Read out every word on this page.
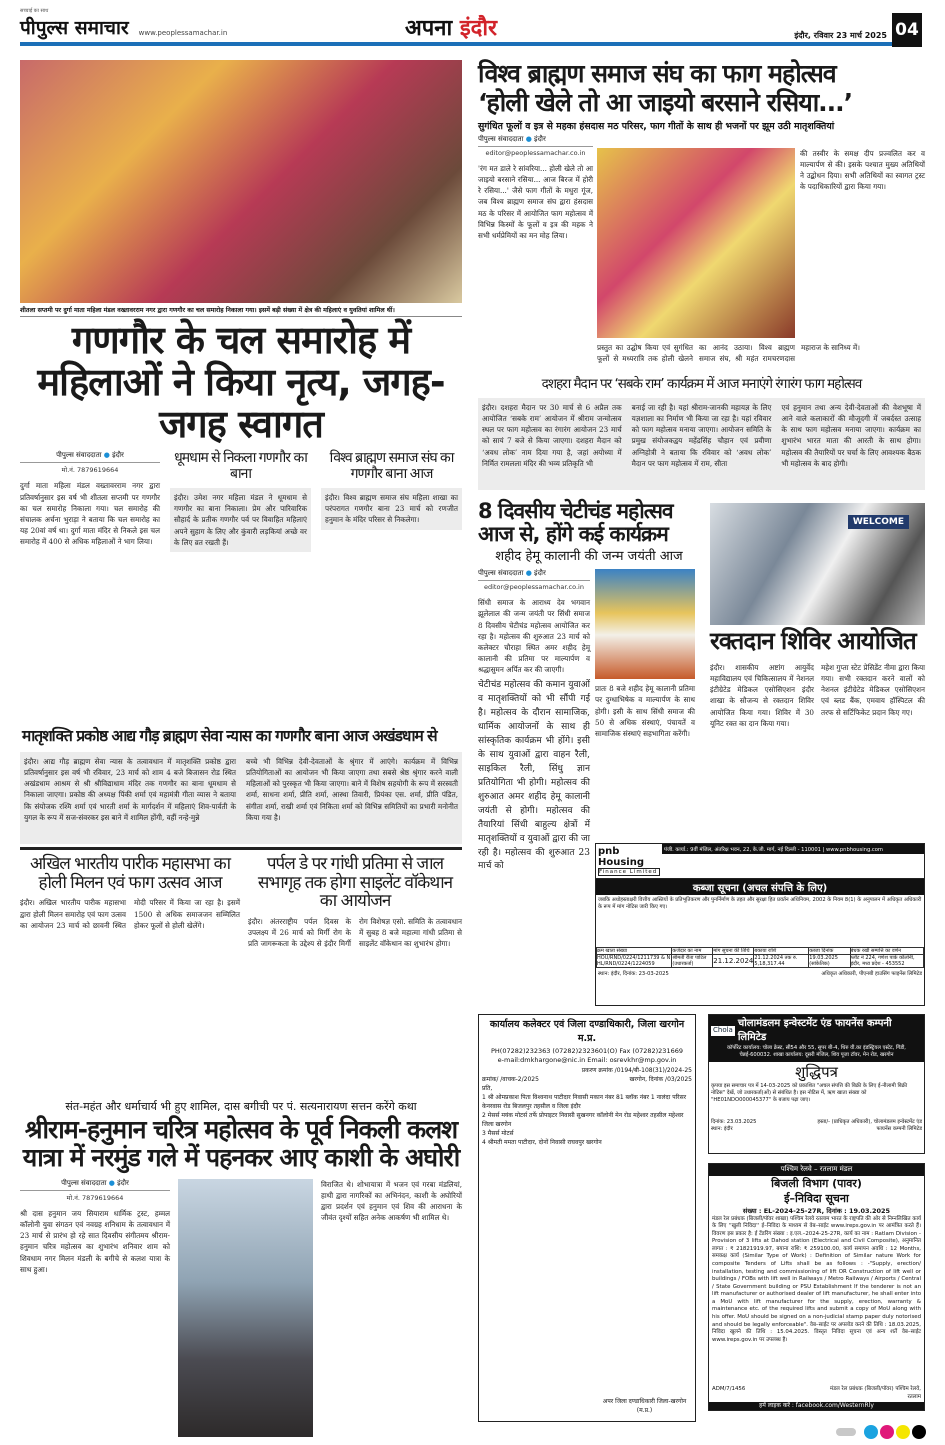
सच्चाई का साथ
पीपुल्स समाचार www.peoplessamachar.in	अपना इंदौर	इंदौर, रविवार 23 मार्च 2025 04
शीतला सप्तमी पर दुर्गा माता महिला मंडल वख्तावरराम नगर द्वारा गणगौर का चल समारोह निकाला गया। इसमें बड़ी संख्या में क्षेत्र की महिलाएं व युवतियां शामिल थीं।
गणगौर के चल समारोह में महिलाओं ने किया नृत्य, जगह-जगह स्वागत
पीपुल्स संवाददाता ● इंदौर
मो.नं. 7879619664
दुर्गा माता महिला मंडल वख्तावरराम नगर द्वारा प्रतिवर्षानुसार इस वर्ष भी शीतला सप्तमी पर गणगौर का चल समारोह निकाला गया। चल समारोह की संचालक अर्चना भुराड़ा ने बताया कि चल समारोह का यह 20वां वर्ष था। दुर्गा माता मंदिर से निकले इस चल समारोह में 400 से अधिक महिलाओं ने भाग लिया।
धूमधाम से निकला गणगौर का बाना
इंदौर। उमेश नगर महिला मंडल ने धूमधाम से गणगौर का बाना निकाला। प्रेम और पारिवारिक सौहार्द के प्रतीक गणगौर पर्व पर विवाहित महिलाएं अपने सुहाग के लिए और कुंवारी लड़कियां अच्छे वर के लिए व्रत रखती हैं।
विश्व ब्राह्मण समाज संघ का गणगौर बाना आज
इंदौर। विश्व ब्राह्मण समाज संघ महिला शाखा का परंपरागत गणगौर बाना 23 मार्च को रणजीत हनुमान के मंदिर परिसर से निकलेगा।
मातृशक्ति प्रकोष्ठ आद्य गौड़ ब्राह्मण सेवा न्यास का गणगौर बाना आज अखंडधाम से
इंदौर। आद्य गौड़ ब्राह्मण सेवा न्यास के तत्वावधान में मातृशक्ति प्रकोष्ठ द्वारा प्रतिवर्षानुसार इस वर्ष भी रविवार, 23 मार्च को शाम 4 बजे बिजासन रोड स्थित अखंडधाम आश्रम से श्री श्रीविद्याधाम मंदिर तक गणगौर का बाना धूमधाम से निकाला जाएगा। प्रकोष्ठ की अध्यक्ष पिंकी शर्मा एवं महामंत्री गीता व्यास ने बताया कि संयोजक रश्मि शर्मा एवं भारती शर्मा के मार्गदर्शन में महिलाएं शिव-पार्वती के युगल के रूप में सज-संवरकर इस बाने में शामिल होंगी, वहीं नन्हे-मुन्ने
बच्चे भी विभिन्न देवी-देवताओं के श्रृंगार में आएंगे। कार्यक्रम में विभिन्न प्रतियोगिताओं का आयोजन भी किया जाएगा तथा सबसे श्रेष्ठ श्रृंगार करने वाली महिलाओं को पुरस्कृत भी किया जाएगा। बाने में विशेष सहयोगी के रूप में सरस्वती शर्मा, साधना शर्मा, प्रीति शर्मा, आस्था तिवारी, प्रियंका एस. शर्मा, प्रीति पंडित, संगीता शर्मा, राखी शर्मा एवं निकिता शर्मा को विभिन्न समितियों का प्रभारी मनोनीत किया गया है।
अखिल भारतीय पारीक महासभा का होली मिलन एवं फाग उत्सव आज
इंदौर। अखिल भारतीय पारीक महासभा द्वारा होली मिलन समारोह एवं फाग उत्सव का आयोजन 23 मार्च को छावनी स्थित मोदी परिसर में किया जा रहा है। इसमें 1500 से अधिक समाजजन सम्मिलित होकर फूलों से होली खेलेंगे।
पर्पल डे पर गांधी प्रतिमा से जाल सभागृह तक होगा साइलेंट वॉकेथान का आयोजन
इंदौर। अंतरराष्ट्रीय पर्पल दिवस के उपलक्ष्य में 26 मार्च को मिर्गी रोग के प्रति जागरूकता के उद्देश्य से इंदौर मिर्गी रोग विशेषज्ञ एसो. समिति के तत्वावधान में सुबह 8 बजे महात्मा गांधी प्रतिमा से साइलेंट वॉकेथान का शुभारंभ होगा।
संत-महंत और धर्माचार्य भी हुए शामिल, दास बगीची पर पं. सत्यनारायण सत्तन करेंगे कथा
श्रीराम-हनुमान चरित्र महोत्सव के पूर्व निकली कलश यात्रा में नरमुंड गले में पहनकर आए काशी के अघोरी
पीपुल्स संवाददाता ● इंदौर
मो.नं. 7879619664
श्री दास हनुमान जय सियाराम धार्मिक ट्रस्ट, हम्मल कॉलोनी युवा संगठन एवं नवग्रह शनिधाम के तत्वावधान में 23 मार्च से प्रारंभ हो रहे सात दिवसीय संगीतमय श्रीराम-हनुमान चरित्र महोत्सव का शुभारंभ शनिवार शाम को शिवधाम नगर मिलन मंडली के बगीचे से कलश यात्रा के साथ हुआ।
विराजित थे। शोभायात्रा में भजन एवं गरबा मंडलियां, हाथी द्वारा नागरिकों का अभिनंदन, काशी के अघोरियों द्वारा प्रदर्शन एवं हनुमान एवं शिव की आराधना के जीवंत दृश्यों सहित अनेक आकर्षण भी शामिल थे।
विश्व ब्राह्मण समाज संघ का फाग महोत्सव
‘होली खेले तो आ जाइयो बरसाने रसिया...’
सुगंधित फूलों व इत्र से महका हंसदास मठ परिसर, फाग गीतों के साथ ही भजनों पर झूम उठी मातृशक्तियां
पीपुल्स संवाददाता ● इंदौर
editor@peoplessamachar.co.in
'रंग मत डाले रे सांवरिया... होली खेले तो आ जाइयो बरसाने रसिया... आज बिरज में होरी रे रसिया...' जैसे फाग गीतों के मधुरा गूंज, जब विश्व ब्राह्मण समाज संघ द्वारा हंसदास मठ के परिसर में आयोजित फाग महोत्सव में विभिन्न किस्मों के फूलों व इत्र की महक ने सभी धर्मप्रेमियों का मन मोह लिया।
प्रस्तुत का उद्घोष किया एवं सुगंधित फूलों से मध्यरात्रि तक होली खेलने का आनंद उठाया। विश्व ब्राह्मण समाज संघ, श्री महंत रामचरणदास महाराज के सानिध्य में।
की तस्वीर के समक्ष दीप प्रज्वलित कर व माल्यार्पण से की। इसके पश्चात मुख्य अतिथियों ने उद्बोधन दिया। सभी अतिथियों का स्वागत ट्रस्ट के पदाधिकारियों द्वारा किया गया।
दशहरा मैदान पर ‘सबके राम’ कार्यक्रम में आज मनाएंगे रंगारंग फाग महोत्सव
इंदौर। दशहरा मैदान पर 30 मार्च से 6 अप्रैल तक आयोजित ‘सबके राम’ आयोजन में श्रीराम जन्मोत्सव स्थल पर फाग महोत्सव का रंगारंग आयोजन 23 मार्च को सायं 7 बजे से किया जाएगा। दशहरा मैदान को ‘अवध लोक’ नाम दिया गया है, जहां अयोध्या में निर्मित रामलला मंदिर की भव्य प्रतिकृति भी
बनाई जा रही है। यहां श्रीराम-जानकी महायज्ञ के लिए यज्ञशाला का निर्माण भी किया जा रहा है। यहां रविवार को फाग महोत्सव मनाया जाएगा। आयोजन समिति के प्रमुख संयोजकद्वय महेंद्रसिंह चौहान एवं प्रवीणा अग्निहोत्री ने बताया कि रविवार को ‘अवध लोक’ मैदान पर फाग महोत्सव में राम, सीता
एवं हनुमान तथा अन्य देवी-देवताओं की वेशभूषा में आने वाले कलाकारों की मौजूदगी में जबर्दस्त उत्साह के साथ फाग महोत्सव मनाया जाएगा। कार्यक्रम का शुभारंभ भारत माता की आरती के साथ होगा। महोत्सव की तैयारियों पर चर्चा के लिए आवश्यक बैठक भी महोत्सव के बाद होगी।
8 दिवसीय चेटीचंड महोत्सव आज से, होंगे कई कार्यक्रम
शहीद हेमू कालानी की जन्म जयंती आज
पीपुल्स संवाददाता ● इंदौर
editor@peoplessamachar.co.in
सिंधी समाज के आराध्य देव भगवान झूलेलाल की जन्म जयंती पर सिंधी समाज 8 दिवसीय चेटीचंड महोत्सव आयोजित कर रहा है। महोत्सव की शुरुआत 23 मार्च को कलेक्टर चौराहा स्थित अमर शहीद हेमू कालानी की प्रतिमा पर माल्यार्पण व श्रद्धासुमन अर्पित कर की जाएगी।
चेटीचंड महोत्सव की कमान युवाओं व मातृशक्तियों को भी सौंपी गई है। महोत्सव के दौरान सामाजिक, धार्मिक आयोजनों के साथ ही सांस्कृतिक कार्यक्रम भी होंगे। इसी के साथ युवाओं द्वारा वाहन रैली, साइकिल रैली, सिंधु ज्ञान प्रतियोगिता भी होगी। महोत्सव की शुरुआत अमर शहीद हेमू कालानी जयंती से होगी। महोत्सव की तैयारियां सिंधी बाहुल्य क्षेत्रों में मातृशक्तियों व युवाओं द्वारा की जा रही है। महोत्सव की शुरुआत 23 मार्च को
प्रातः 8 बजे शहीद हेमू कालानी प्रतिमा पर दुग्धाभिषेक व माल्यार्पण के साथ होगी। इसी के साथ सिंधी समाज की 50 से अधिक संस्थाएं, पंचायतें व सामाजिक संस्थाएं सहभागिता करेंगी।
WELCOME
रक्तदान शिविर आयोजित
इंदौर। शासकीय अष्टांग आयुर्वेद महाविद्यालय एवं चिकित्सालय में नेशनल इंटीग्रेटेड मेडिकल एसोसिएशन इंदौर शाखा के सौजन्य से रक्तदान शिविर आयोजित किया गया। शिविर में 30 यूनिट रक्त का दान किया गया।
महेश गुप्ता स्टेट प्रेसिडेंट नीमा द्वारा किया गया। सभी रक्तदान करने वालों को नेशनल इंटीग्रेटेड मेडिकल एसोसिएशन एवं ब्लड बैंक, एमवाय हॉस्पिटल की तरफ से सर्टिफिकेट प्रदान किए गए।
pnb Housing
Finance Limited
पंजी. कार्या.: 9वीं मंजिल, अंतरिक्ष भवन, 22, के.जी. मार्ग, नई दिल्ली - 110001 | www.pnbhousing.com
कब्जा सूचना (अचल संपत्ति के लिए)
जबकि अधोहस्ताक्षरी वित्तीय आस्तियों के प्रतिभूतिकरण और पुनर्निर्माण के तहत और सुरक्षा हित प्रवर्तन अधिनियम, 2002 के नियम 8(1) के अनुपालन में अधिकृत अधिकारी के रूप में मांग नोटिस जारी किए गए।
क्रम खाता संख्या	कर्जदार का नाम	मांग सूचना की तिथि	बकाया राशि	कब्जा दिनांक	बंधक रखी सम्पत्ति का वर्णन
HOU/RND/0224/1211739 & NHL/RND/0224/1224059	श्रीमती रीता पाटिल (उधारकर्ता)	21.12.2024	21.12.2024 तक रु. 5,18,317.44	19.03.2025 (सांकेतिक)	प्लॉट नं 224, गणेश पार्क कॉलोनी, इंदौर, मध्य प्रदेश - 453552
स्थान: इंदौर, दिनांक: 23-03-2025	अधिकृत अधिकारी, पीएनबी हाउसिंग फाइनेंस लिमिटेड
कार्यालय कलेक्टर एवं जिला दण्डाधिकारी, जिला खरगोन म.प्र.
PH(07282)232363 (07282)2323601(O) Fax (07282)231669
e-mail:dmkhargone@nic.in Email: osrevkhr@mp.gov.in
प्रकरण क्रमांक /0194/बी-108(31)/2024-25
क्रमांक/ /वाचक-2/2025	खरगोन, दिनांक /03/2025
प्रति,
1 श्री ओमप्रकाश पिता विश्वनाथ पाटीदार निवासी मकान नंबर 81 ब्लॉक नंबर 1 नालंदा परिसर केनरवास रोड बिजलपुर तहसील व जिला इंदौर
2 मेसर्स मयंक मोटर्स तर्फे प्रोपाइटर निवासी सुखनगर कॉलोनी मेन रोड महेश्वर तहसील महेश्वर जिला खरगोन
3 मैसर्स मोटर्स
4 श्रीमती ममता पाटीदार, दोनों निवासी राघवपुर खरगोन
अपर जिला दण्डाधिकारी जिला-खरगोन (म.प्र.)
Chola
चोलामंडलम इन्वेस्टमेंट एंड फायनेंस कम्पनी लिमिटेड
कॉर्पोरेट कार्यालय: चोला क्रेस्ट, सी54 और 55, सुपर बी-4, थिरु वी.का इंडस्ट्रियल एस्टेट, गिंडी, चेन्नई-600032. शाखा कार्यालय: दूसरी मंजिल, शिव पूजा टॉवर, मेन रोड, खरगोन
शुद्धिपत्र
कृपया इस समाचार पत्र में 14-03-2025 को प्रकाशित "अचल संपत्ति की बिक्री के लिए ई-नीलामी बिक्री नोटिस" देखें, जो उधारकर्ता(ओं) से संबंधित है। इस नोटिस में, ऋण खाता संख्या को "HE01NDO000045377" के बजाय पढ़ा जाए।
दिनांक: 23.03.2025
स्थान: इंदौर
हस्ता/- (प्राधिकृत अधिकारी), चोलामंडलम इन्वेस्टमेंट एंड फायनेंस कम्पनी लिमिटेड
पश्चिम रेलवे – रतलाम मंडल
बिजली विभाग (पावर)
ई–निविदा सूचना
संख्या : EL-2024-25-27R, दिनांक : 19.03.2025
मंडल रेल प्रबंधक (बिजली/पॉवर शाखा) पश्चिम रेलवे रतलाम भारत के राष्ट्रपति की ओर से निम्नलिखित कार्य के लिए ''खुली निविदा'' ई–निविदा के माध्यम से वेब–साईट www.ireps.gov.in पर आमंत्रित करते हैं। विवरण इस प्रकार है: ई टेंडरिंग संख्या : इ.एल.–2024-25-27R, कार्य का नाम : Ratlam Division - Provision of 3 lifts at Dahod station (Electrical and Civil Composite), अनुमानित लागत : ₹ 21821919.97, बयाना राशि: ₹ 259100.00, कार्य समापन अवधि : 12 Months, समकक्ष कार्य (Similar Type of Work) : Definition of Similar nature Work for composite Tenders of Lifts shall be as follows : -"Supply, erection/ installation, testing and commissioning of lift OR Construction of lift well or buildings / FOBs with lift well in Railways / Metro Railways / Airports / Central / State Government building or PSU Establishment If the tenderer is not an lift manufacturer or authorised dealer of lift manufacturer, he shall enter into a MoU with lift manufacturer for the supply, erection, warranty & maintenance etc. of the required lifts and submit a copy of MoU along with his offer. MoU should be signed on a non-judicial stamp paper duly notorised and should be legally enforceable". वेब–साईट पर अपलोड करने की तिथि : 18.03.2025, निविदा खुलने की तिथि : 15.04.2025. विस्तृत निविदा सूचना एवं अन्य शर्तें वेब–साईट www.ireps.gov.in पर उपलब्ध है।
ADM/7/1456	मंडल रेल प्रबंधक (बिजली/पॉवर) पश्चिम रेलवे, रतलाम
हमें लाइक करें : facebook.com/WesternRly
